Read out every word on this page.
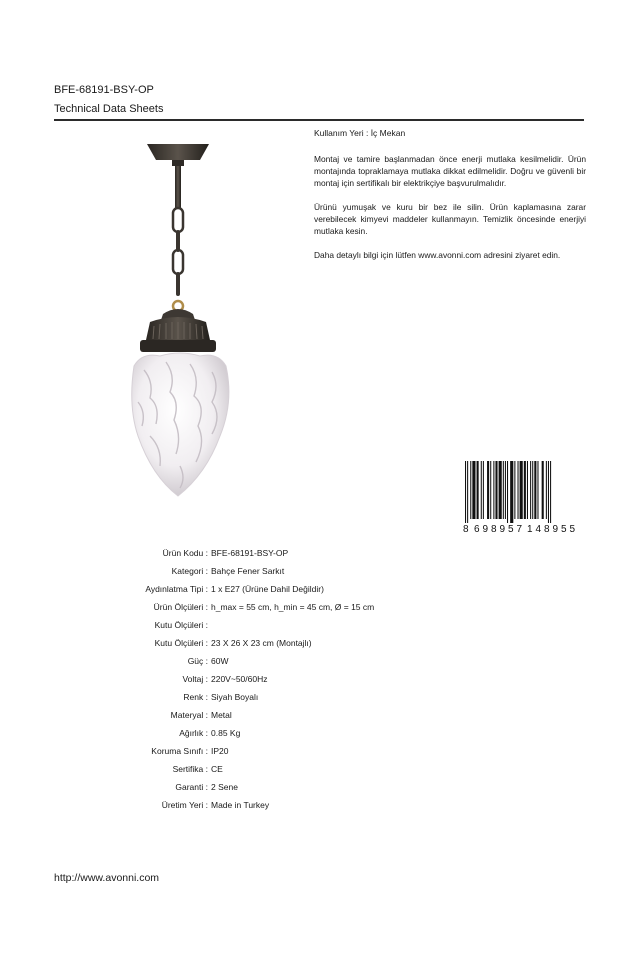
BFE-68191-BSY-OP
Technical Data Sheets
Kullanım Yeri : İç Mekan
Montaj ve tamire başlanmadan önce enerji mutlaka kesilmelidir. Ürün montajında topraklamaya mutlaka dikkat edilmelidir. Doğru ve güvenli bir montaj için sertifikalı bir elektrikçiye başvurulmalıdır.
Ürünü yumuşak ve kuru bir bez ile silin. Ürün kaplamasına zarar verebilecek kimyevi maddeler kullanmayın. Temizlik öncesinde enerjiyi mutlaka kesin.
Daha detaylı bilgi için lütfen www.avonni.com adresini ziyaret edin.
8 6 9 8 9 5 7 1 4 8 9 5 5
Ürün Kodu : BFE-68191-BSY-OP
Kategori : Bahçe Fener Sarkıt
Aydınlatma Tipi : 1 x E27 (Ürüne Dahil Değildir)
Ürün Ölçüleri : h_max = 55 cm, h_min = 45 cm, Ø = 15 cm
Kutu Ölçüleri :
Kutu Ölçüleri : 23 X 26 X 23 cm (Montajlı)
Güç : 60W
Voltaj : 220V~50/60Hz
Renk : Siyah Boyalı
Materyal : Metal
Ağırlık : 0.85 Kg
Koruma Sınıfı : IP20
Sertifika : CE
Garanti : 2 Sene
Üretim Yeri : Made in Turkey
http://www.avonni.com
